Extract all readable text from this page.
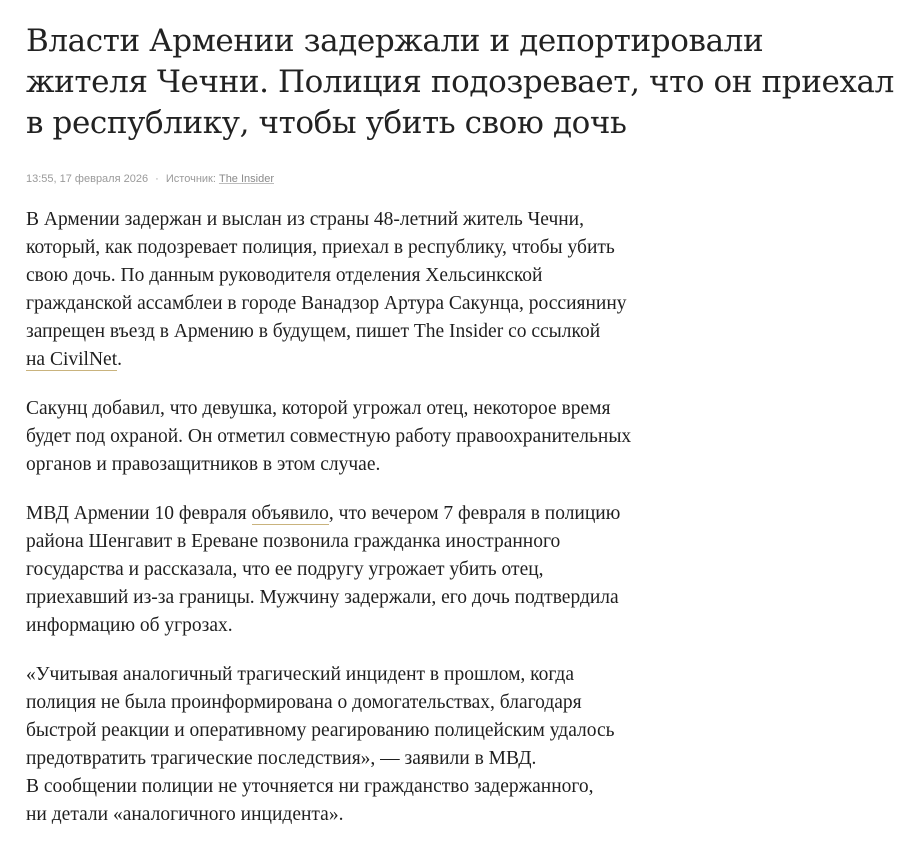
Власти Армении задержали и депортировали
жителя Чечни. Полиция подозревает, что он приехал
в республику, чтобы убить свою дочь
13:55, 17 февраля 2026 · Источник: The Insider

В Армении задержан и выслан из страны 48-летний житель Чечни,
который, как подозревает полиция, приехал в республику, чтобы убить
свою дочь. По данным руководителя отделения Хельсинкской
гражданской ассамблеи в городе Ванадзор Артура Сакунца, россиянину
запрещен въезд в Армению в будущем, пишет The Insider со ссылкой
на CivilNet.

Сакунц добавил, что девушка, которой угрожал отец, некоторое время
будет под охраной. Он отметил совместную работу правоохранительных
органов и правозащитников в этом случае.

МВД Армении 10 февраля объявило, что вечером 7 февраля в полицию
района Шенгавит в Ереване позвонила гражданка иностранного
государства и рассказала, что ее подругу угрожает убить отец,
приехавший из-за границы. Мужчину задержали, его дочь подтвердила
информацию об угрозах.

«Учитывая аналогичный трагический инцидент в прошлом, когда
полиция не была проинформирована о домогательствах, благодаря
быстрой реакции и оперативному реагированию полицейским удалось
предотвратить трагические последствия», — заявили в МВД.
В сообщении полиции не уточняется ни гражданство задержанного,
ни детали «аналогичного инцидента».
